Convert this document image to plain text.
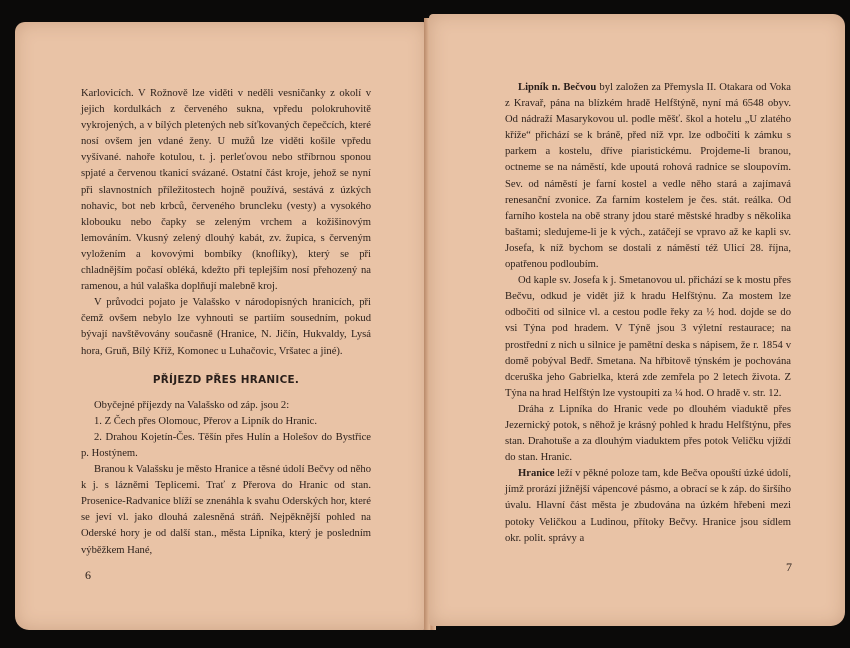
Karlovicích. V Rožnově lze viděti v neděli vesničanky z okolí v jejich kordulkách z červeného sukna, vpředu polokruhovitě vykrojených, a v bílých pletených neb síťkovaných čepečcích, které nosí ovšem jen vdané ženy. U mužů lze viděti košile vpředu vyšívané. nahoře kotulou, t. j. perleťovou nebo stříbrnou sponou spjaté a červenou tkanicí svázané. Ostatní část kroje, jehož se nyní při slavnostních příležitostech hojně používá, sestává z úzkých nohavic, bot neb krbců, červeného bruncleku (vesty) a vysokého klobouku nebo čapky se zeleným vrchem a kožišinovým lemováním. Vkusný zelený dlouhý kabát, zv. župica, s červeným vyložením a kovovými bombíky (knoflíky), který se při chladnějším počasí obléká, kdežto při teplejším nosí přehozený na ramenou, a húl valaška doplňují malebně kroj.

V průvodci pojato je Valašsko v národopisných hranicích, při čemž ovšem nebylo lze vyhnouti se partiím sousedním, pokud bývají navštěvovány současně (Hranice, N. Jičín, Hukvaldy, Lysá hora, Gruň, Bílý Kříž, Komonec u Luhačovic, Vršatec a jiné).

PŘÍJEZD PŘES HRANICE.

Obyčejné příjezdy na Valašsko od záp. jsou 2:

1. Z Čech přes Olomouc, Přerov a Lipník do Hranic.

2. Drahou Kojetín-Čes. Těšín přes Hulín a Holešov do Bystřice p. Hostýnem.

Branou k Valašsku je město Hranice a těsné údolí Bečvy od něho k j. s lázněmi Teplicemi. Trať z Přerova do Hranic od stan. Prosenice-Radvanice blíží se znenáhla k svahu Oderských hor, které se jeví vl. jako dlouhá zalesněná stráň. Nejpěknější pohled na Oderské hory je od další stan., města Lipníka, který je posledním výběžkem Hané,

6

Lipník n. Bečvou byl založen za Přemysla II. Otakara od Voka z Kravař, pána na blízkém hradě Helfštýně, nyní má 6548 obyv. Od nádraží Masarykovou ul. podle měšť. škol a hotelu „U zlatého kříže“ přichází se k bráně, před níž vpr. lze odbočiti k zámku s parkem a kostelu, dříve piaristickému. Projdeme-li branou, octneme se na náměstí, kde upoutá rohová radnice se sloupovím. Sev. od náměstí je farní kostel a vedle něho stará a zajímavá renesanční zvonice. Za farním kostelem je čes. stát. reálka. Od farního kostela na obě strany jdou staré městské hradby s několika baštami; sledujeme-li je k vých., zatáčejí se vpravo až ke kapli sv. Josefa, k níž bychom se dostali z náměstí též Ulicí 28. října, opatřenou podloubím.

Od kaple sv. Josefa k j. Smetanovou ul. přichází se k mostu přes Bečvu, odkud je vidět již k hradu Helfštýnu. Za mostem lze odbočiti od silnice vl. a cestou podle řeky za ½ hod. dojde se do vsi Týna pod hradem. V Týně jsou 3 výletní restaurace; na prostřední z nich u silnice je pamětní deska s nápisem, že r. 1854 v domě pobýval Bedř. Smetana. Na hřbitově týnském je pochována dceruška jeho Gabrielka, která zde zemřela po 2 letech života. Z Týna na hrad Helfštýn lze vystoupiti za ¼ hod. O hradě v. str. 12.

Dráha z Lipníka do Hranic vede po dlouhém viaduktě přes Jezernický potok, s něhož je krásný pohled k hradu Helfštýnu, přes stan. Drahotuše a za dlouhým viaduktem přes potok Veličku vjíždí do stan. Hranic.

Hranice leží v pěkné poloze tam, kde Bečva opouští úzké údolí, jímž prorází jižnější vápencové pásmo, a obrací se k záp. do širšího úvalu. Hlavní část města je zbudována na úzkém hřebeni mezi potoky Veličkou a Ludinou, přítoky Bečvy. Hranice jsou sídlem okr. polit. správy a

7
